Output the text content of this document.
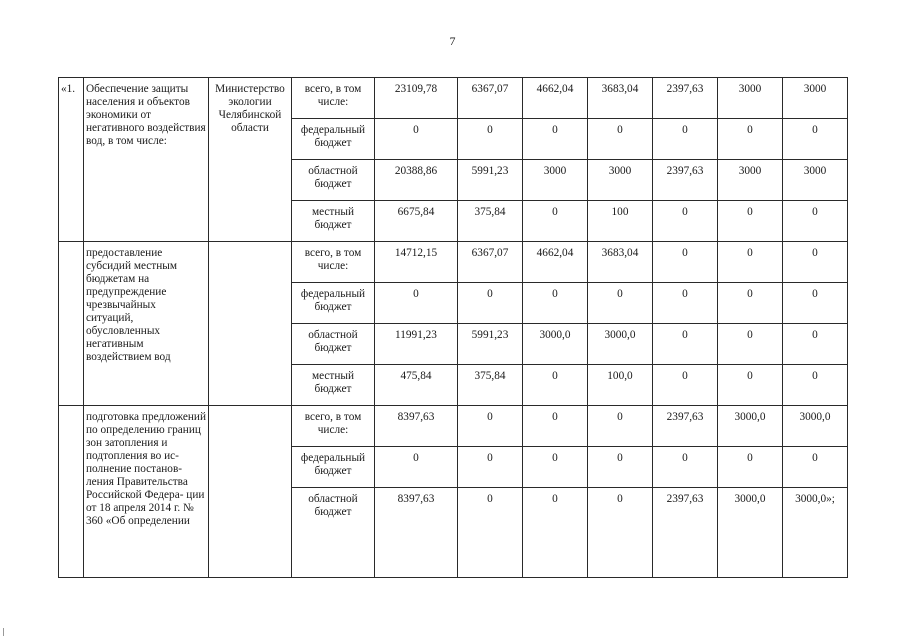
7
«1.	Обеспечение защиты населения и объектов экономики от негативного воздействия вод, в том числе:	Министерство экологии Челябинской области	всего, в том числе:	23109,78	6367,07	4662,04	3683,04	2397,63	3000	3000
			федеральный бюджет	0	0	0	0	0	0	0
			областной бюджет	20388,86	5991,23	3000	3000	2397,63	3000	3000
			местный бюджет	6675,84	375,84	0	100	0	0	0
	предоставление субсидий местным бюджетам на предупреждение чрезвычайных ситуаций, обусловленных негативным воздействием вод		всего, в том числе:	14712,15	6367,07	4662,04	3683,04	0	0	0
			федеральный бюджет	0	0	0	0	0	0	0
			областной бюджет	11991,23	5991,23	3000,0	3000,0	0	0	0
			местный бюджет	475,84	375,84	0	100,0	0	0	0
	подготовка предложений по определению границ зон затопления и подтопления во ис- полнение постанов- ления Правительства Российской Федера- ции от 18 апреля 2014 г. № 360 «Об определении		всего, в том числе:	8397,63	0	0	0	2397,63	3000,0	3000,0
			федеральный бюджет	0	0	0	0	0	0	0
			областной бюджет	8397,63	0	0	0	2397,63	3000,0	3000,0»;
